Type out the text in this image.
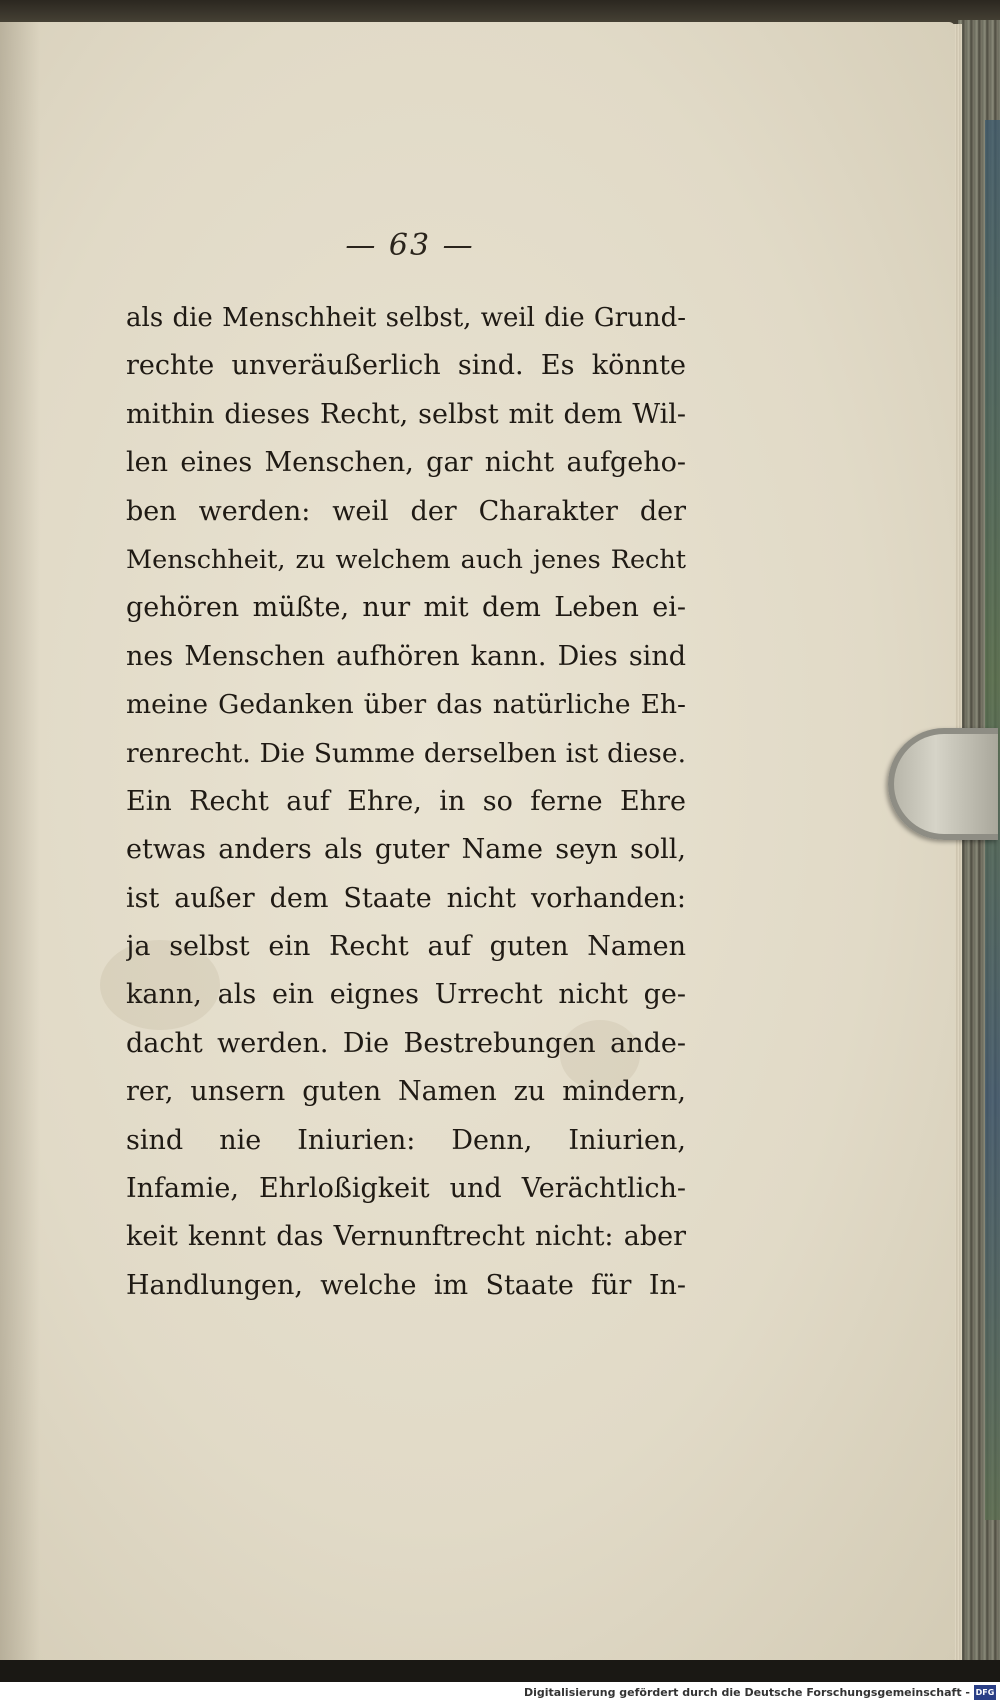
— 63 —
als die Menschheit selbst, weil die Grund-
rechte unveräußerlich sind. Es könnte
mithin dieses Recht, selbst mit dem Wil-
len eines Menschen, gar nicht aufgeho-
ben werden: weil der Charakter der
Menschheit, zu welchem auch jenes Recht
gehören müßte, nur mit dem Leben ei-
nes Menschen aufhören kann. Dies sind
meine Gedanken über das natürliche Eh-
renrecht. Die Summe derselben ist diese.
Ein Recht auf Ehre, in so ferne Ehre
etwas anders als guter Name seyn soll,
ist außer dem Staate nicht vorhanden:
ja selbst ein Recht auf guten Namen
kann, als ein eignes Urrecht nicht ge-
dacht werden. Die Bestrebungen ande-
rer, unsern guten Namen zu mindern,
sind nie Iniurien: Denn, Iniurien,
Infamie, Ehrloßigkeit und Verächtlich-
keit kennt das Vernunftrecht nicht: aber
Handlungen, welche im Staate für In-
Digitalisierung gefördert durch die Deutsche Forschungsgemeinschaft - DFG
